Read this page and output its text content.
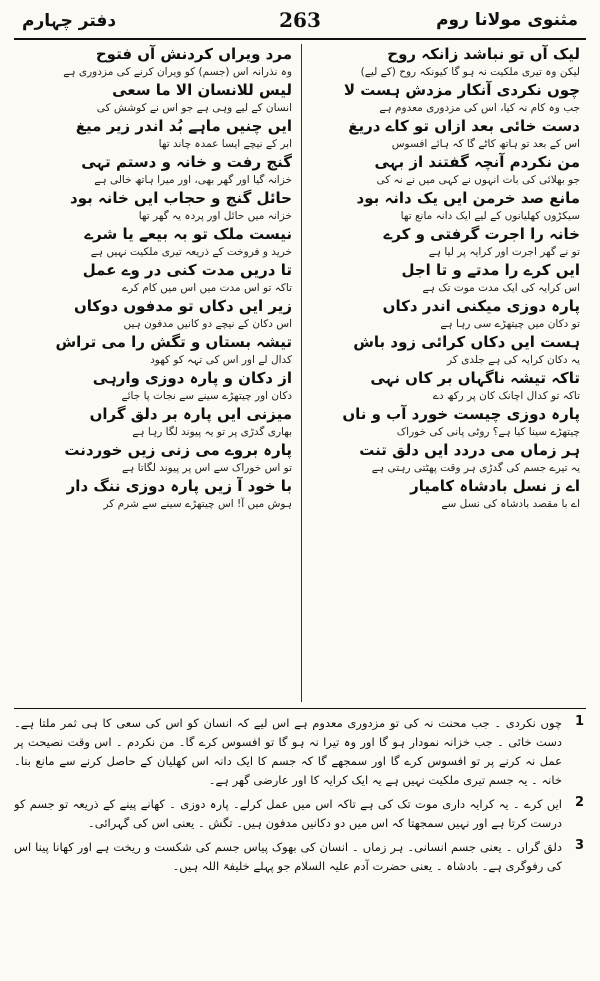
مثنوی مولانا روم
263
دفتر چہارم
لیک آں تو نباشد زانکہ روح
لیکن وہ تیری ملکیت نہ ہو گا کیونکہ روح (کے لیے)
چوں نکردی آنکار مزدش ہست لا
جب وہ کام نہ کیا، اس کی مزدوری معدوم ہے
دست خائی بعد ازاں تو کاے دریغ
اس کے بعد تو ہاتھ کاٹے گا کہ ہائے افسوس
من نکردم آنچہ گفتند از بہی
جو بھلائی کی بات انہوں نے کہی میں نے نہ کی
مانع صد خرمن ایں یک دانہ بود
سیکڑوں کھلیانوں کے لیے ایک دانہ مانع تھا
خانہ را اجرت گرفتی و کرے
تو نے گھر اجرت اور کرایہ پر لیا ہے
ایں کرے را مدتے و تا اجل
اس کرایہ کی ایک مدت موت تک ہے
پارہ دوزی میکنی اندر دکاں
تو دکان میں چیتھڑے سی رہا ہے
ہست ایں دکاں کرائی زود باش
یہ دکان کرایہ کی ہے جلدی کر
تاکہ تیشہ ناگہاں بر کاں نہی
تاکہ تو کدال اچانک کان پر رکھ دے
پارہ دوزی چیست خورد آب و ناں
چیتھڑے سینا کیا ہے؟ روٹی پانی کی خوراک
ہر زماں می دردد ایں دلق تنت
یہ تیرے جسم کی گدڑی ہر وقت پھٹتی رہتی ہے
اے ز نسل بادشاہ کامیار
اے با مقصد بادشاہ کی نسل سے
مرد ویراں کردنش آں فتوح
وہ نذرانہ اس (جسم) کو ویران کرنے کی مزدوری ہے
لیس للانسان الا ما سعی
انسان کے لیے وہی ہے جو اس نے کوشش کی
ایں چنیں ماہے بُد اندر زیر میغ
ابر کے نیچے ایسا عمدہ چاند تھا
گنج رفت و خانہ و دستم تہی
خزانہ گیا اور گھر بھی، اور میرا ہاتھ خالی ہے
حائل گنج و حجاب ایں خانہ بود
خزانہ میں حائل اور پردہ یہ گھر تھا
نیست ملک تو بہ بیعے یا شرے
خرید و فروخت کے ذریعہ تیری ملکیت نہیں ہے
تا دریں مدت کنی در وے عمل
تاکہ تو اس مدت میں اس میں کام کرے
زیر ایں دکاں تو مدفوں دوکاں
اس دکان کے نیچے دو کانیں مدفون ہیں
تیشہ بستاں و تگش را می تراش
کدال لے اور اس کی تہہ کو کھود
از دکان و پارہ دوزی وارہی
دکان اور چیتھڑے سینے سے نجات پا جائے
میزنی ایں پارہ بر دلق گراں
بھاری گدڑی پر تو یہ پیوند لگا رہا ہے
پارہ بروے می زنی زیں خوردنت
تو اس خوراک سے اس پر پیوند لگاتا ہے
با خود آ زیں پارہ دوزی ننگ دار
ہوش میں آ! اس چیتھڑے سینے سے شرم کر
1
چوں نکردی ۔ جب محنت نہ کی تو مزدوری معدوم ہے اس لیے کہ انسان کو اس کی سعی کا ہی ثمر ملتا ہے۔ دست خائی ۔ جب خزانہ نمودار ہو گا اور وہ تیرا نہ ہو گا تو افسوس کرے گا۔ من نکردم ۔ اس وقت نصیحت پر عمل نہ کرنے پر تو افسوس کرے گا اور سمجھے گا کہ جسم کا ایک دانہ اس کھلیان کے حاصل کرنے سے مانع بنا۔ خانہ ۔ یہ جسم تیری ملکیت نہیں ہے یہ ایک کرایہ کا اور عارضی گھر ہے۔
2
ایں کرے ۔ یہ کرایہ داری موت تک کی ہے تاکہ اس میں عمل کرلے۔ پارہ دوزی ۔ کھانے پینے کے ذریعہ تو جسم کو درست کرتا ہے اور نہیں سمجھتا کہ اس میں دو دکانیں مدفون ہیں۔ تگش ۔ یعنی اس کی گہرائی۔
3
دلق گراں ۔ یعنی جسم انسانی۔ ہر زماں ۔ انسان کی بھوک پیاس جسم کی شکست و ریخت ہے اور کھانا پینا اس کی رفوگری ہے۔ بادشاہ ۔ یعنی حضرت آدم علیہ السلام جو پہلے خلیفۃ اللہ ہیں۔
